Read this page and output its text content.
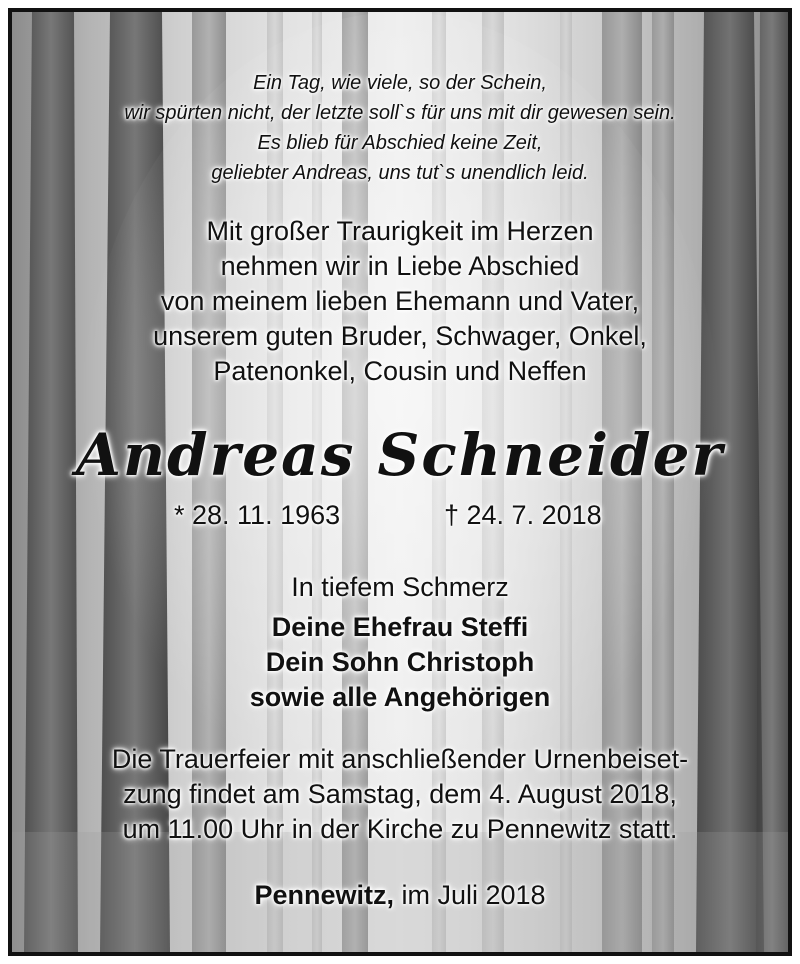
Ein Tag, wie viele, so der Schein,
wir spürten nicht, der letzte soll`s für uns mit dir gewesen sein.
Es blieb für Abschied keine Zeit,
geliebter Andreas, uns tut`s unendlich leid.
Mit großer Traurigkeit im Herzen
nehmen wir in Liebe Abschied
von meinem lieben Ehemann und Vater,
unserem guten Bruder, Schwager, Onkel,
Patenonkel, Cousin und Neffen
Andreas Schneider
* 28. 11. 1963	† 24. 7. 2018
In tiefem Schmerz
Deine Ehefrau Steffi
Dein Sohn Christoph
sowie alle Angehörigen
Die Trauerfeier mit anschließender Urnenbeiset-
zung findet am Samstag, dem 4. August 2018,
um 11.00 Uhr in der Kirche zu Pennewitz statt.
Pennewitz, im Juli 2018
